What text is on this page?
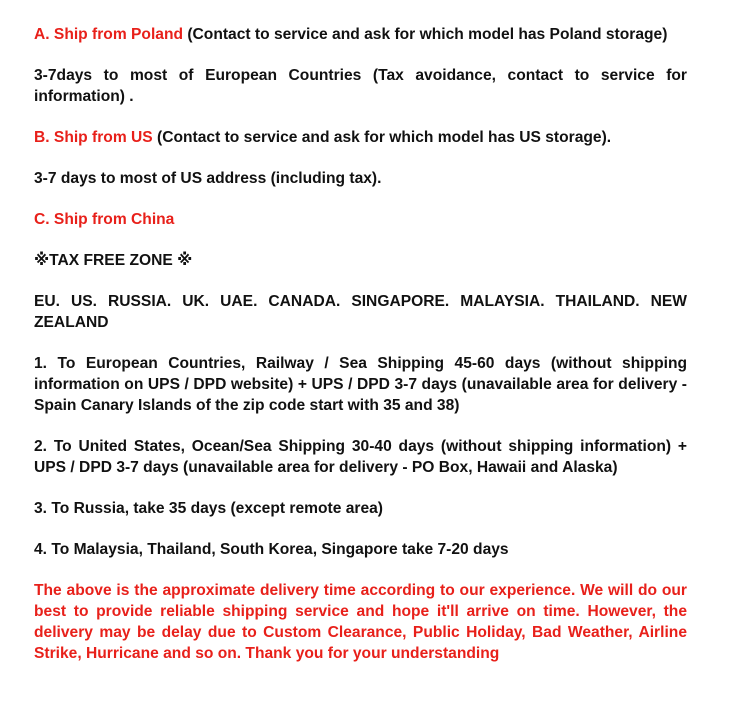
A. Ship from Poland (Contact to service and ask for which model has Poland storage)

3-7days to most of European Countries (Tax avoidance, contact to service for information) .

B. Ship from US (Contact to service and ask for which model has US storage).

3-7 days to most of US address (including tax).

C. Ship from China

※TAX FREE ZONE ※

EU. US. RUSSIA. UK. UAE. CANADA. SINGAPORE. MALAYSIA. THAILAND. NEW ZEALAND

1. To European Countries, Railway / Sea Shipping 45-60 days (without shipping information on UPS / DPD website) + UPS / DPD 3-7 days (unavailable area for delivery - Spain Canary Islands of the zip code start with 35 and 38)

2. To United States, Ocean/Sea Shipping 30-40 days (without shipping information) + UPS / DPD 3-7 days (unavailable area for delivery - PO Box, Hawaii and Alaska)

3. To Russia, take 35 days (except remote area)

4. To Malaysia, Thailand, South Korea, Singapore take 7-20 days

The above is the approximate delivery time according to our experience. We will do our best to provide reliable shipping service and hope it'll arrive on time. However, the delivery may be delay due to Custom Clearance, Public Holiday, Bad Weather, Airline Strike, Hurricane and so on. Thank you for your understanding
